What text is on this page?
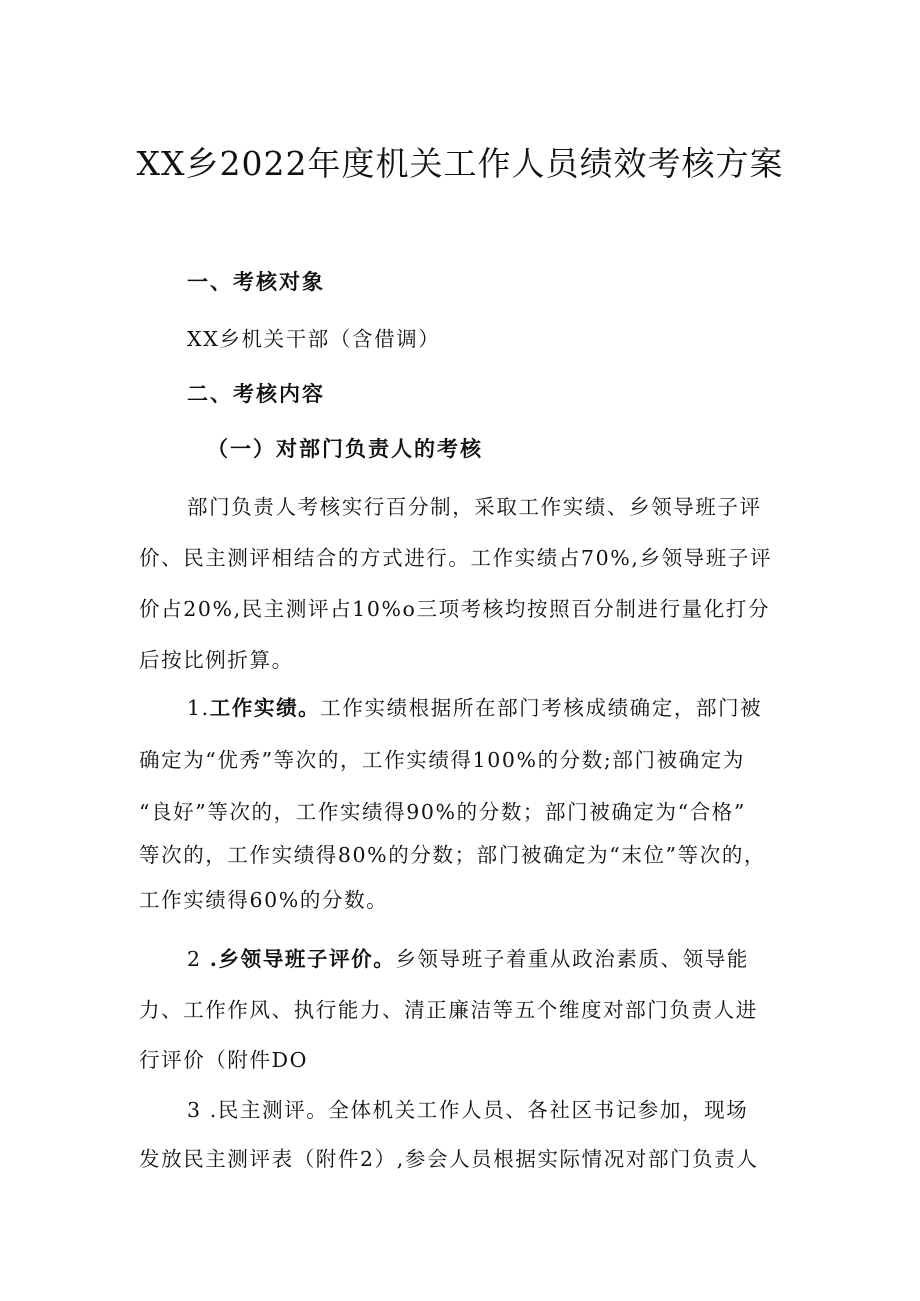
XX乡2022年度机关工作人员绩效考核方案
一、考核对象
XX乡机关干部（含借调）
二、考核内容
（一）对部门负责人的考核
部门负责人考核实行百分制，采取工作实绩、乡领导班子评
价、民主测评相结合的方式进行。工作实绩占70%,乡领导班子评
价占20%,民主测评占10%o三项考核均按照百分制进行量化打分
后按比例折算。
1.工作实绩。工作实绩根据所在部门考核成绩确定，部门被
确定为“优秀”等次的，工作实绩得100%的分数;部门被确定为
“良好”等次的，工作实绩得90%的分数；部门被确定为“合格”
等次的，工作实绩得80%的分数；部门被确定为“末位”等次的，
工作实绩得60%的分数。
2 .乡领导班子评价。乡领导班子着重从政治素质、领导能
力、工作作风、执行能力、清正廉洁等五个维度对部门负责人进
行评价（附件DO
3 .民主测评。全体机关工作人员、各社区书记参加，现场
发放民主测评表（附件2）,参会人员根据实际情况对部门负责人
